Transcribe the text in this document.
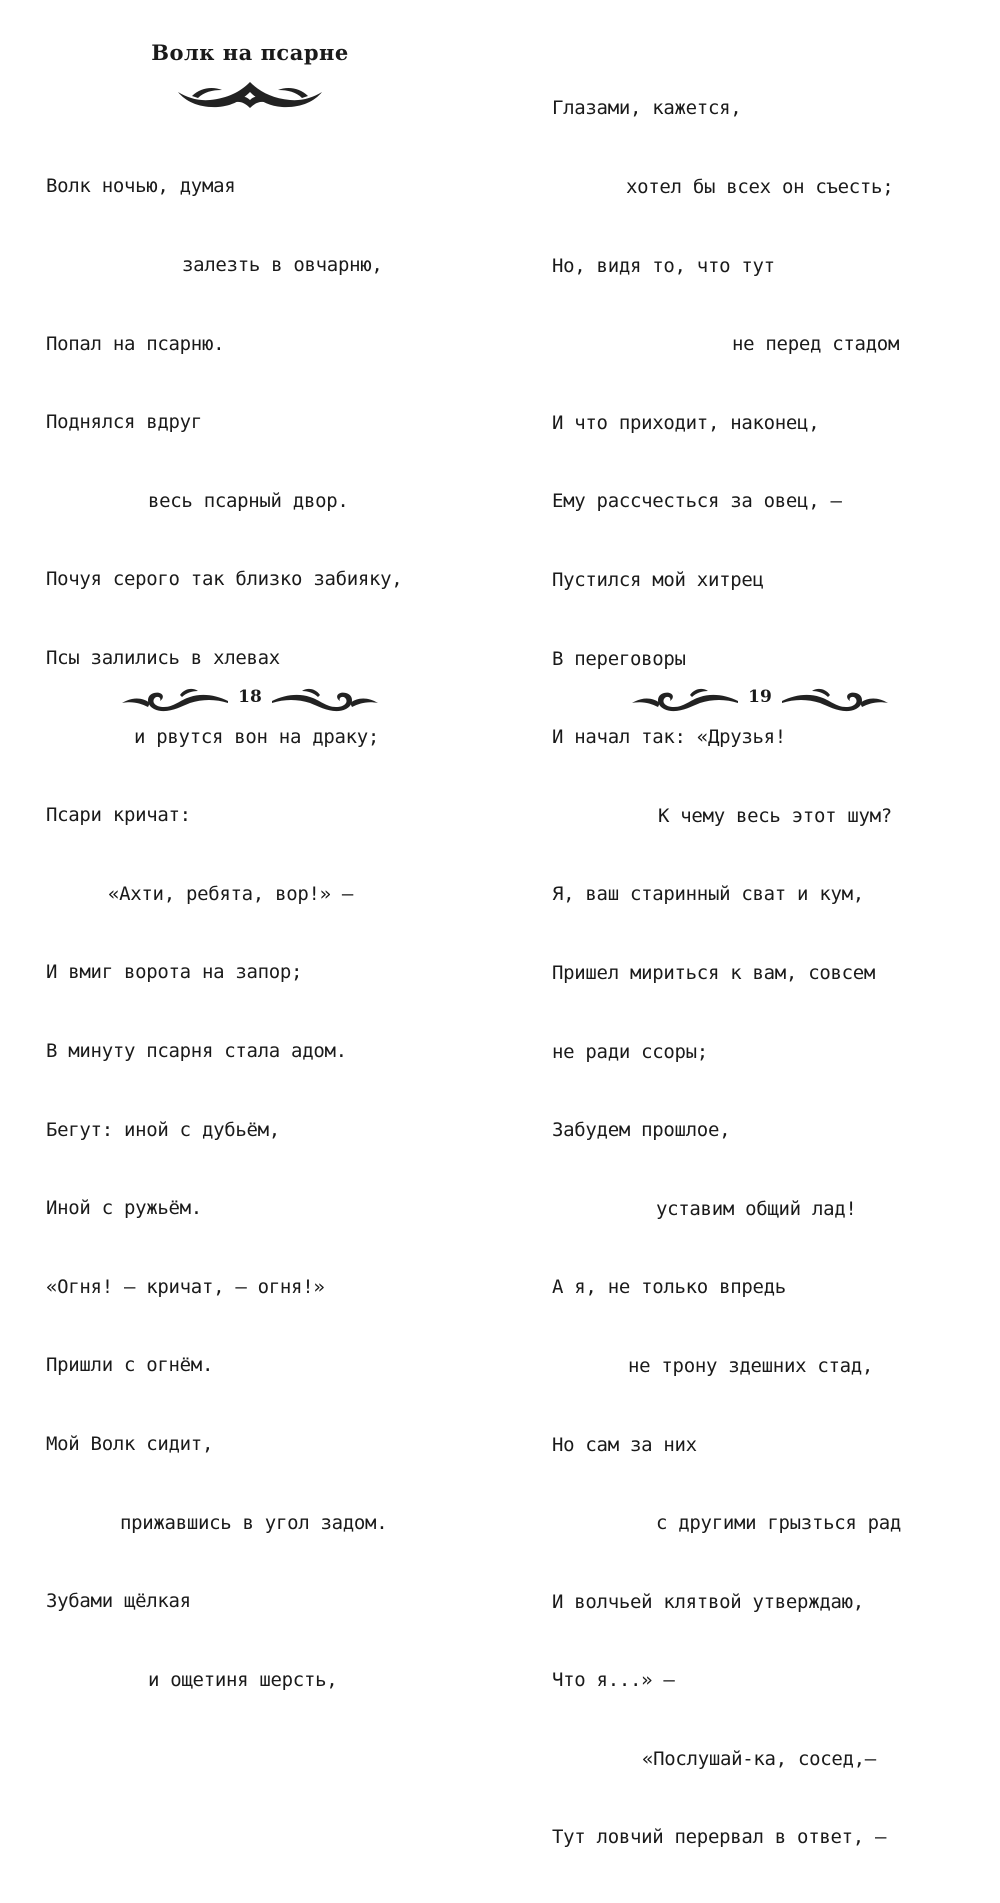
Волк на псарне

Волк ночью, думая

залезть в овчарню,

Попал на псарню.

Поднялся вдруг

весь псарный двор.

Почуя серого так близко забияку,

Псы залились в хлевах

и рвутся вон на драку;

Псари кричат:

«Ахти, ребята, вор!» —

И вмиг ворота на запор;

В минуту псарня стала адом.

Бегут: иной с дубьём,

Иной с ружьём.

«Огня! — кричат, — огня!»

Пришли с огнём.

Мой Волк сидит,

прижавшись в угол задом.

Зубами щёлкая

и ощетиня шерсть,

18

Глазами, кажется,

хотел бы всех он съесть;

Но, видя то, что тут

не перед стадом

И что приходит, наконец,

Ему рассчесться за овец, —

Пустился мой хитрец

В переговоры

И начал так: «Друзья!

К чему весь этот шум?

Я, ваш старинный сват и кум,

Пришел мириться к вам, совсем

не ради ссоры;

Забудем прошлое,

уставим общий лад!

А я, не только впредь

не трону здешних стад,

Но сам за них

с другими грызться рад

И волчьей клятвой утверждаю,

Что я...» —

«Послушай-ка, сосед,—

Тут ловчий перервал в ответ, —

19
